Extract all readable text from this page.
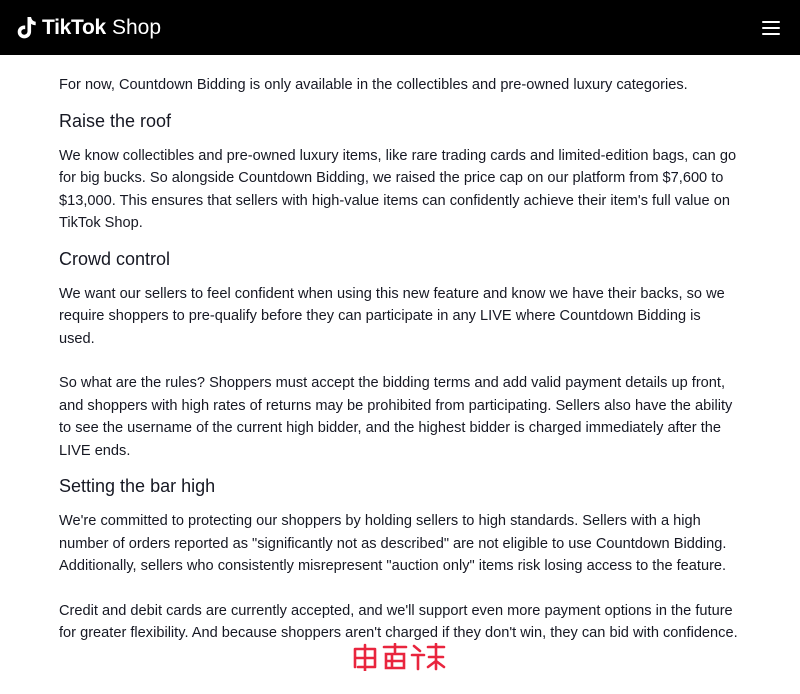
TikTok Shop

For now, Countdown Bidding is only available in the collectibles and pre-owned luxury categories.

Raise the roof

We know collectibles and pre-owned luxury items, like rare trading cards and limited-edition bags, can go for big bucks. So alongside Countdown Bidding, we raised the price cap on our platform from $7,600 to $13,000. This ensures that sellers with high-value items can confidently achieve their item's full value on TikTok Shop.

Crowd control

We want our sellers to feel confident when using this new feature and know we have their backs, so we require shoppers to pre-qualify before they can participate in any LIVE where Countdown Bidding is used.

So what are the rules? Shoppers must accept the bidding terms and add valid payment details up front, and shoppers with high rates of returns may be prohibited from participating. Sellers also have the ability to see the username of the current high bidder, and the highest bidder is charged immediately after the LIVE ends.

Setting the bar high

We're committed to protecting our shoppers by holding sellers to high standards. Sellers with a high number of orders reported as "significantly not as described" are not eligible to use Countdown Bidding. Additionally, sellers who consistently misrepresent "auction only" items risk losing access to the feature.

Credit and debit cards are currently accepted, and we'll support even more payment options in the future for greater flexibility. And because shoppers aren't charged if they don't win, they can bid with confidence.
